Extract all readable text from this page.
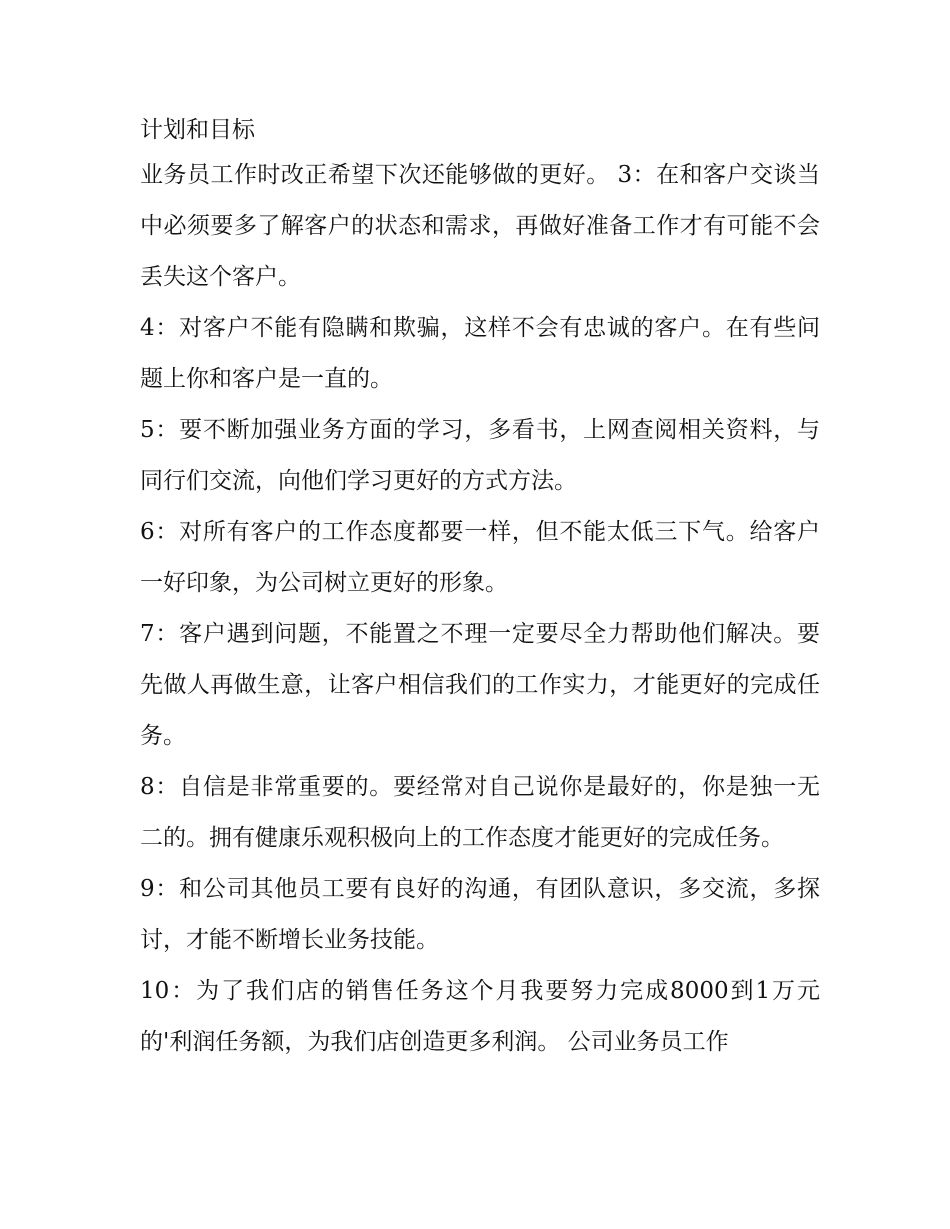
计划和目标

业务员工作时改正希望下次还能够做的更好。 3：在和客户交谈当中必须要多了解客户的状态和需求，再做好准备工作才有可能不会丢失这个客户。

4：对客户不能有隐瞒和欺骗，这样不会有忠诚的客户。在有些问题上你和客户是一直的。

5：要不断加强业务方面的学习，多看书，上网查阅相关资料，与同行们交流，向他们学习更好的方式方法。

6：对所有客户的工作态度都要一样，但不能太低三下气。给客户一好印象，为公司树立更好的形象。

7：客户遇到问题，不能置之不理一定要尽全力帮助他们解决。要先做人再做生意，让客户相信我们的工作实力，才能更好的完成任务。

8：自信是非常重要的。要经常对自己说你是最好的，你是独一无二的。拥有健康乐观积极向上的工作态度才能更好的完成任务。

9：和公司其他员工要有良好的沟通，有团队意识，多交流，多探讨，才能不断增长业务技能。

10：为了我们店的销售任务这个月我要努力完成8000到1万元的'利润任务额，为我们店创造更多利润。 公司业务员工作
